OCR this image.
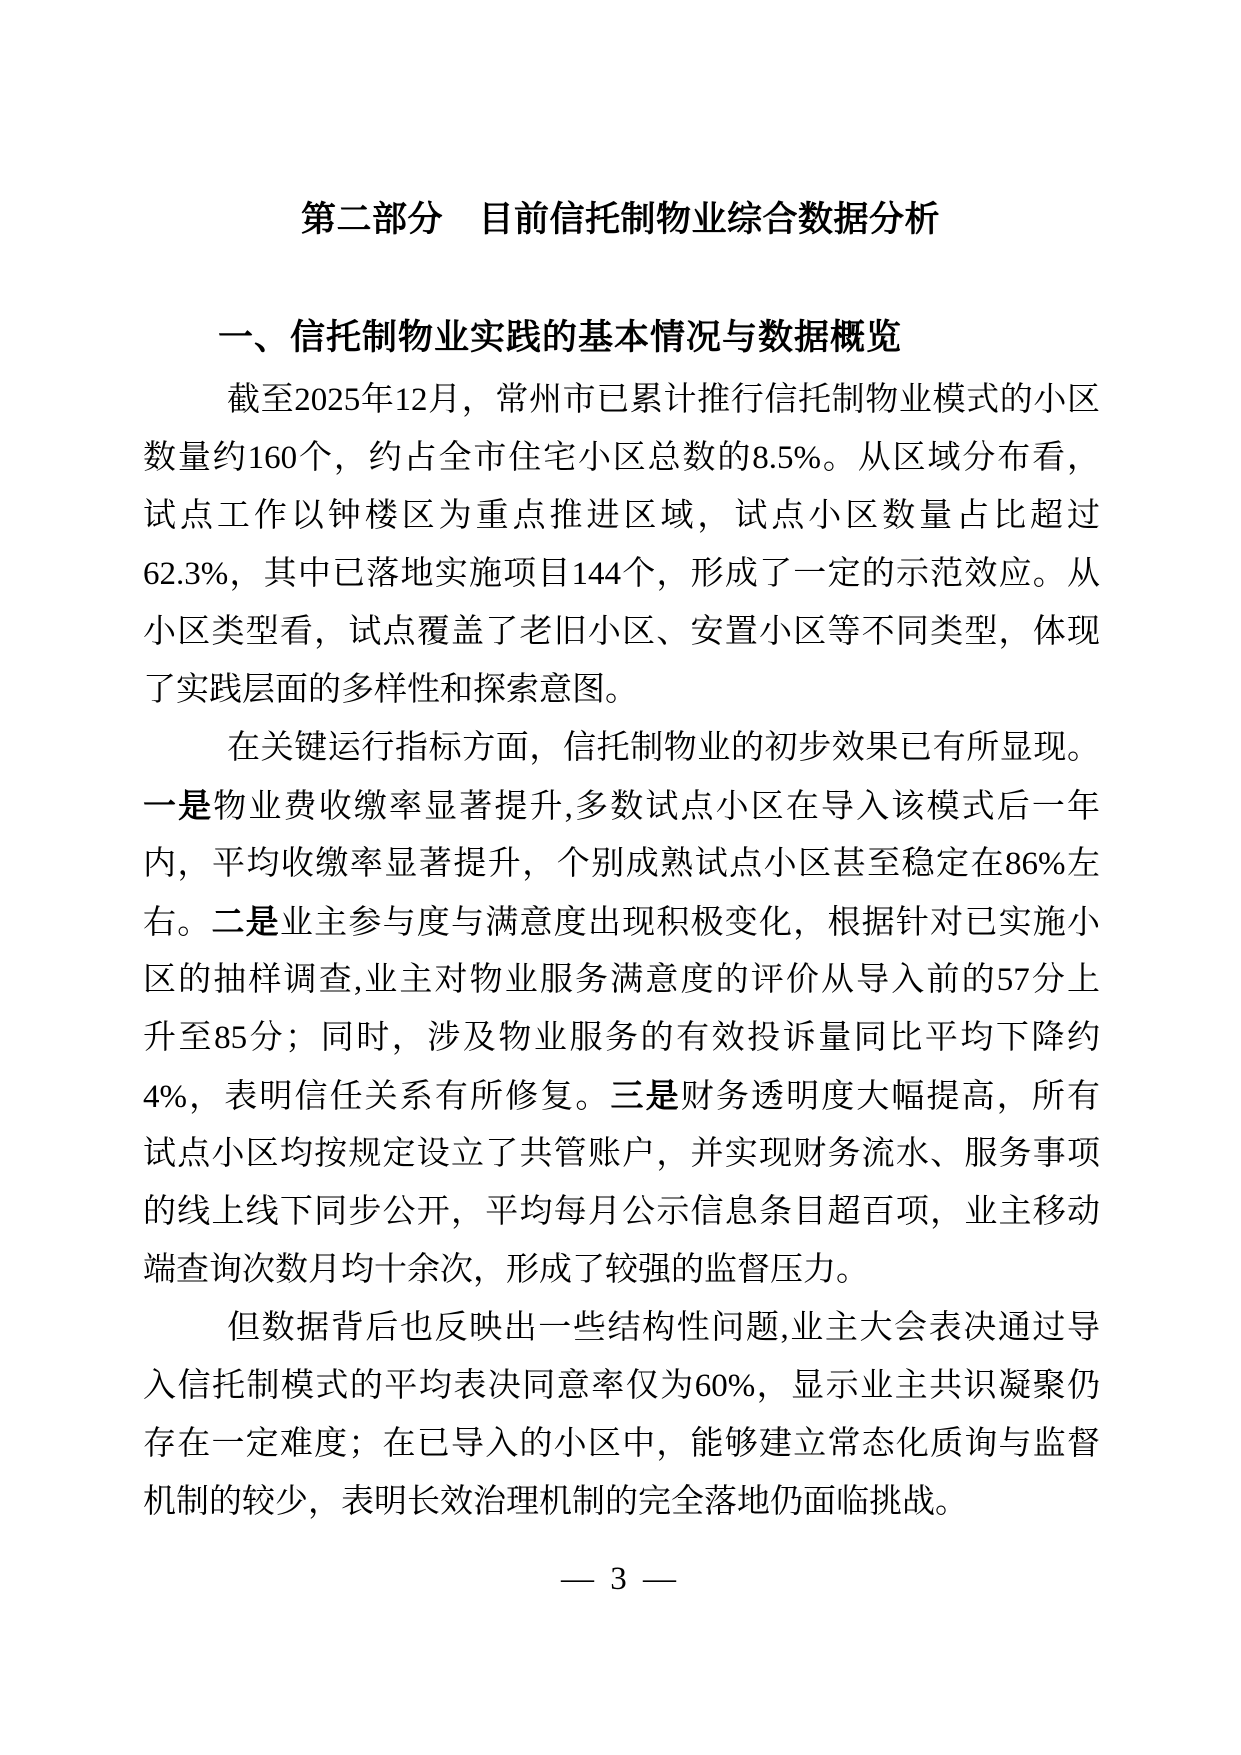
第二部分　目前信托制物业综合数据分析
一、信托制物业实践的基本情况与数据概览
截至2025年12月，常州市已累计推行信托制物业模式的小区
数量约160个，约占全市住宅小区总数的8.5%。从区域分布看，
试点工作以钟楼区为重点推进区域，试点小区数量占比超过
62.3%，其中已落地实施项目144个，形成了一定的示范效应。从
小区类型看，试点覆盖了老旧小区、安置小区等不同类型，体现
了实践层面的多样性和探索意图。
在关键运行指标方面，信托制物业的初步效果已有所显现。
一是物业费收缴率显著提升,多数试点小区在导入该模式后一年
内，平均收缴率显著提升，个别成熟试点小区甚至稳定在86%左
右。二是业主参与度与满意度出现积极变化，根据针对已实施小
区的抽样调查,业主对物业服务满意度的评价从导入前的57分上
升至85分；同时，涉及物业服务的有效投诉量同比平均下降约
4%，表明信任关系有所修复。三是财务透明度大幅提高，所有
试点小区均按规定设立了共管账户，并实现财务流水、服务事项
的线上线下同步公开，平均每月公示信息条目超百项，业主移动
端查询次数月均十余次，形成了较强的监督压力。
但数据背后也反映出一些结构性问题,业主大会表决通过导
入信托制模式的平均表决同意率仅为60%，显示业主共识凝聚仍
存在一定难度；在已导入的小区中，能够建立常态化质询与监督
机制的较少，表明长效治理机制的完全落地仍面临挑战。
— 3 —
